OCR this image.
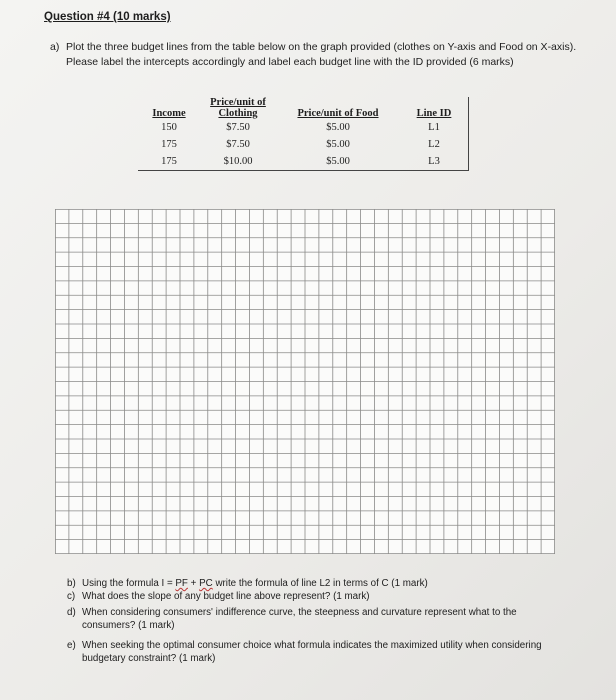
Question #4 (10 marks)
a) Plot the three budget lines from the table below on the graph provided (clothes on Y-axis and Food on X-axis). Please label the intercepts accordingly and label each budget line with the ID provided (6 marks)
Income	Price/unit of Clothing	Price/unit of Food	Line ID
150	$7.50	$5.00	L1
175	$7.50	$5.00	L2
175	$10.00	$5.00	L3
b) Using the formula I = PF + PC write the formula of line L2 in terms of C (1 mark)
c) What does the slope of any budget line above represent? (1 mark)
d) When considering consumers' indifference curve, the steepness and curvature represent what to the consumers? (1 mark)
e) When seeking the optimal consumer choice what formula indicates the maximized utility when considering budgetary constraint? (1 mark)
